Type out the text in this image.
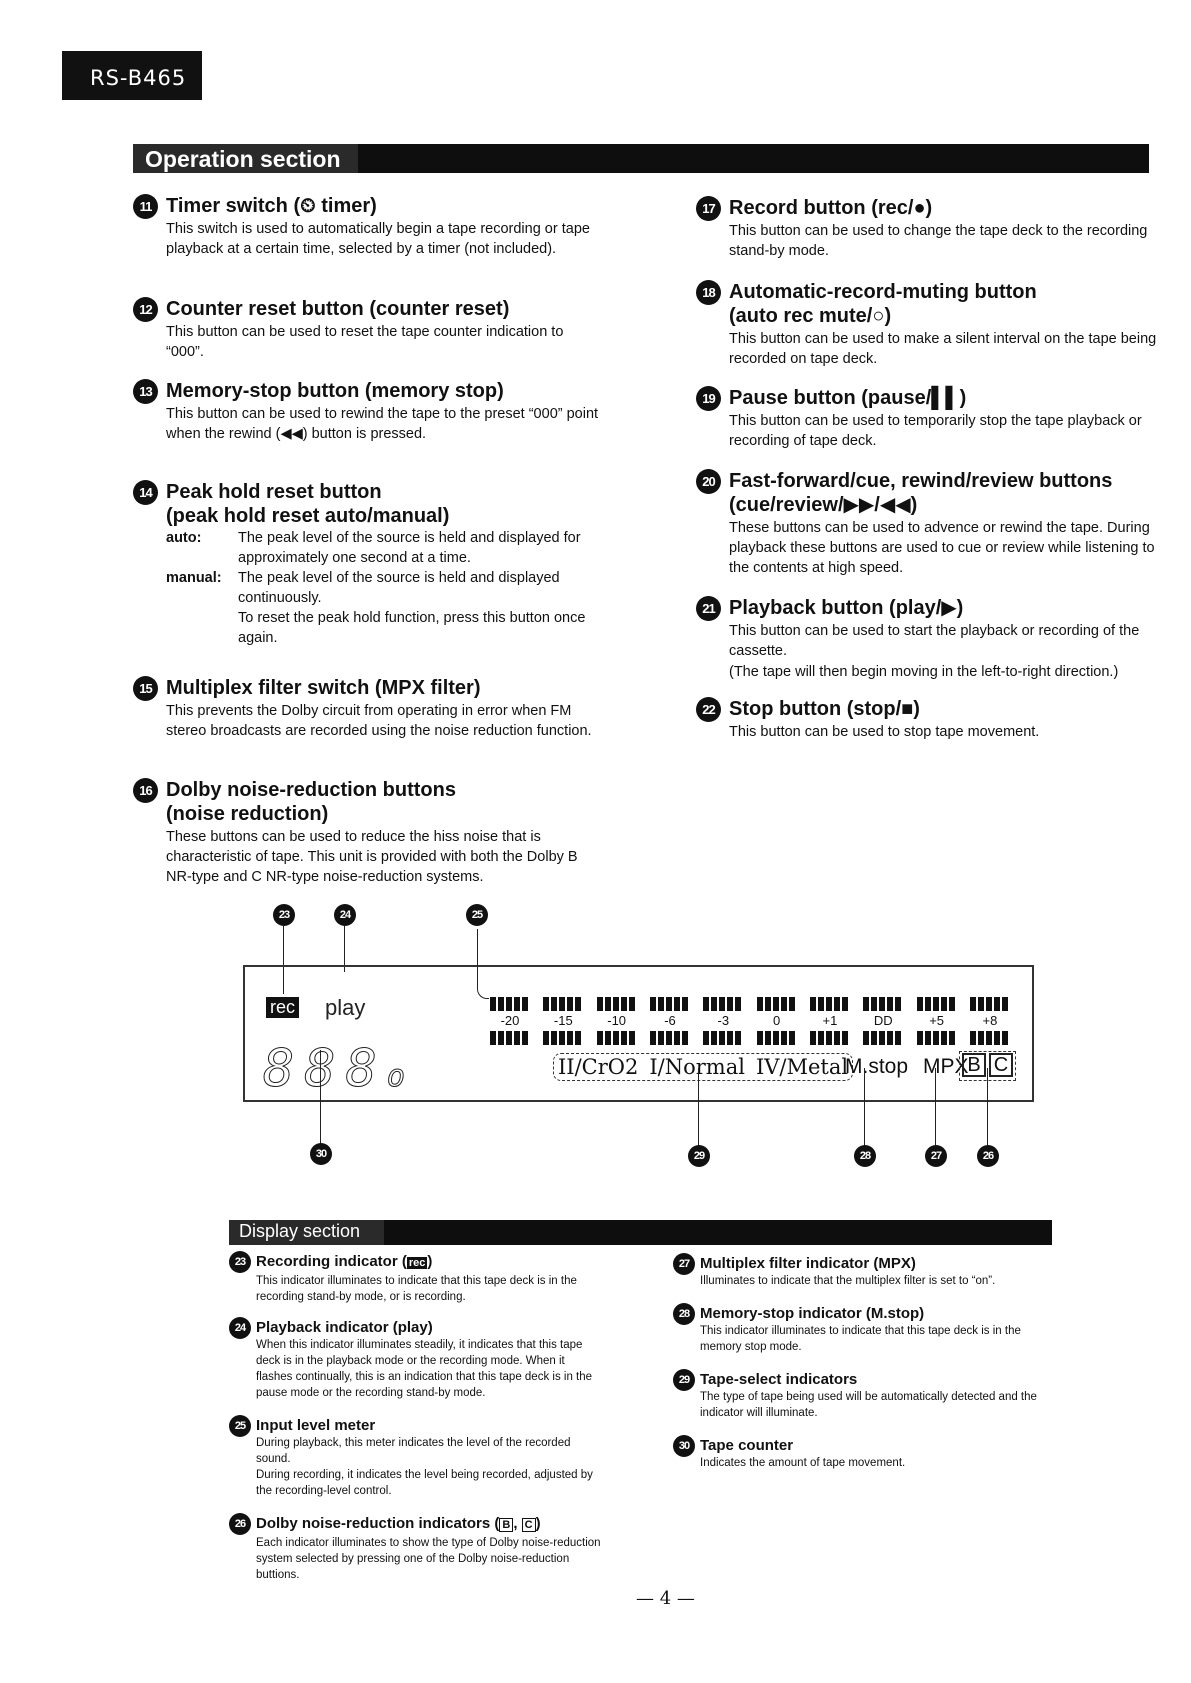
RS-B465
Operation section
11 Timer switch (⏲ timer)

This switch is used to automatically begin a tape recording or tape playback at a certain time, selected by a timer (not included).

12 Counter reset button (counter reset)

This button can be used to reset the tape counter indication to “000”.

13 Memory-stop button (memory stop)

This button can be used to rewind the tape to the preset “000” point when the rewind (◀◀) button is pressed.

14 Peak hold reset button
(peak hold reset auto/manual)
auto:	The peak level of the source is held and displayed for approximately one second at a time.
manual:	The peak level of the source is held and displayed continuously.
To reset the peak hold function, press this button once again.
15 Multiplex filter switch (MPX filter)

This prevents the Dolby circuit from operating in error when FM stereo broadcasts are recorded using the noise reduction function.

16 Dolby noise-reduction buttons
(noise reduction)

These buttons can be used to reduce the hiss noise that is characteristic of tape. This unit is provided with both the Dolby B NR-type and C NR-type noise-reduction systems.

17 Record button (rec/●)

This button can be used to change the tape deck to the recording stand-by mode.

18 Automatic-record-muting button
(auto rec mute/○)

This button can be used to make a silent interval on the tape being recorded on tape deck.

19 Pause button (pause/▌▌)

This button can be used to temporarily stop the tape playback or recording of tape deck.

20 Fast-forward/cue, rewind/review buttons
(cue/review/▶▶/◀◀)

These buttons can be used to advence or rewind the tape. During playback these buttons are used to cue or review while listening to the contents at high speed.

21 Playback button (play/▶)

This button can be used to start the playback or recording of the cassette.

(The tape will then begin moving in the left-to-right direction.)

22 Stop button (stop/■)

This button can be used to stop tape movement.

23	24	25
rec play
888o
-20	-15	-10	-6	-3	0	+1	DD	+5	+8
II/CrO2 I/Normal IV/Metal
M.stop MPX
B C
30	29	28	27	26
Display section
23 Recording indicator ( rec )

This indicator illuminates to indicate that this tape deck is in the recording stand-by mode, or is recording.

24 Playback indicator (play)

When this indicator illuminates steadily, it indicates that this tape deck is in the playback mode or the recording mode. When it flashes continually, this is an indication that this tape deck is in the pause mode or the recording stand-by mode.

25 Input level meter

During playback, this meter indicates the level of the recorded sound.

During recording, it indicates the level being recorded, adjusted by the recording-level control.

26 Dolby noise-reduction indicators ( B , C )

Each indicator illuminates to show the type of Dolby noise-reduction system selected by pressing one of the Dolby noise-reduction buttions.

27 Multiplex filter indicator (MPX)

Illuminates to indicate that the multiplex filter is set to “on”.

28 Memory-stop indicator (M.stop)

This indicator illuminates to indicate that this tape deck is in the memory stop mode.

29 Tape-select indicators

The type of tape being used will be automatically detected and the indicator will illuminate.

30 Tape counter

Indicates the amount of tape movement.

— 4 —
